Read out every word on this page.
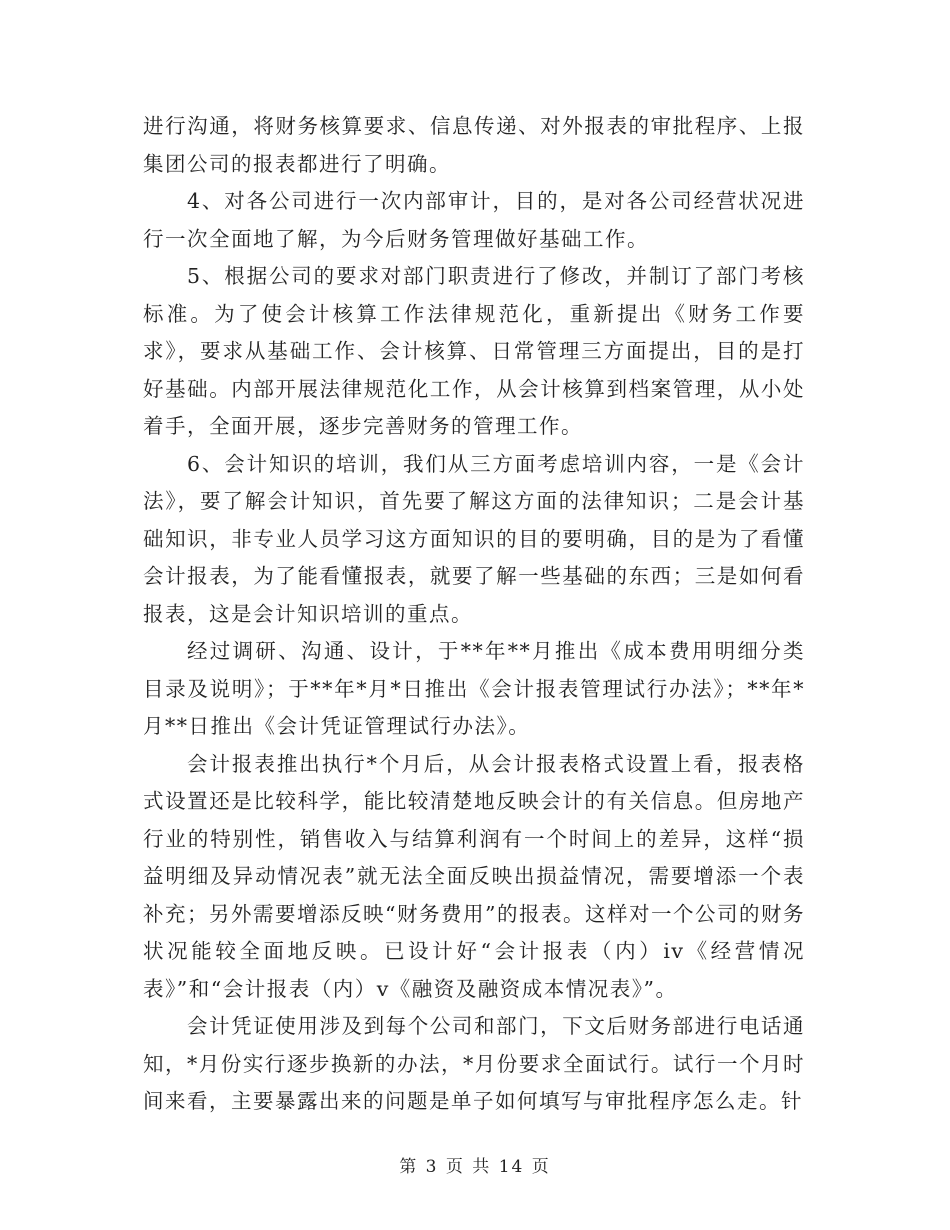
进行沟通，将财务核算要求、信息传递、对外报表的审批程序、上报集团公司的报表都进行了明确。

4、对各公司进行一次内部审计，目的，是对各公司经营状况进行一次全面地了解，为今后财务管理做好基础工作。

5、根据公司的要求对部门职责进行了修改，并制订了部门考核标准。为了使会计核算工作法律规范化，重新提出《财务工作要求》，要求从基础工作、会计核算、日常管理三方面提出，目的是打好基础。内部开展法律规范化工作，从会计核算到档案管理，从小处着手，全面开展，逐步完善财务的管理工作。

6、会计知识的培训，我们从三方面考虑培训内容，一是《会计法》，要了解会计知识，首先要了解这方面的法律知识；二是会计基础知识，非专业人员学习这方面知识的目的要明确，目的是为了看懂会计报表，为了能看懂报表，就要了解一些基础的东西；三是如何看报表，这是会计知识培训的重点。

经过调研、沟通、设计，于**年**月推出《成本费用明细分类目录及说明》；于**年*月*日推出《会计报表管理试行办法》；**年*月**日推出《会计凭证管理试行办法》。

会计报表推出执行*个月后，从会计报表格式设置上看，报表格式设置还是比较科学，能比较清楚地反映会计的有关信息。但房地产行业的特别性，销售收入与结算利润有一个时间上的差异，这样“损益明细及异动情况表”就无法全面反映出损益情况，需要增添一个表补充；另外需要增添反映“财务费用”的报表。这样对一个公司的财务状况能较全面地反映。已设计好“会计报表（内）iv《经营情况表》”和“会计报表（内）v《融资及融资成本情况表》”。

会计凭证使用涉及到每个公司和部门，下文后财务部进行电话通知，*月份实行逐步换新的办法，*月份要求全面试行。试行一个月时间来看，主要暴露出来的问题是单子如何填写与审批程序怎么走。针

第 3 页 共 14 页
